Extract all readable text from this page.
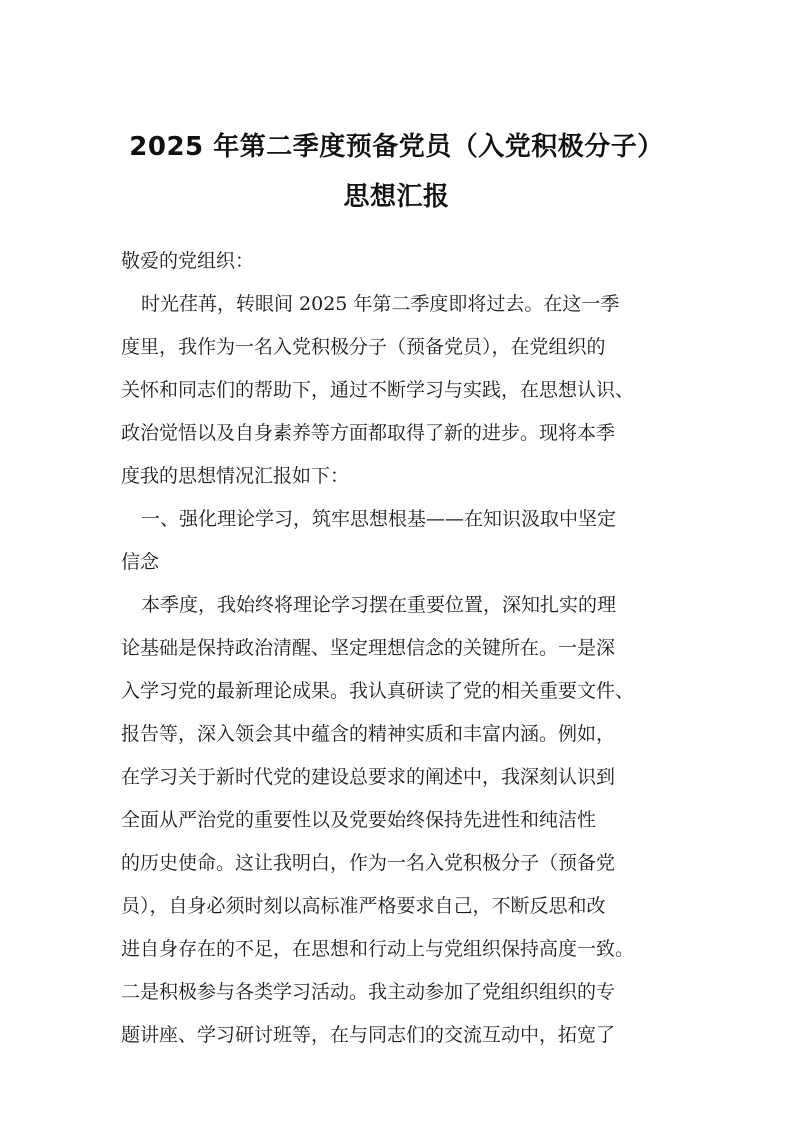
2025 年第二季度预备党员（入党积极分子）
思想汇报
敬爱的党组织：
时光荏苒，转眼间 2025 年第二季度即将过去。在这一季
度里，我作为一名入党积极分子（预备党员），在党组织的
关怀和同志们的帮助下，通过不断学习与实践，在思想认识、
政治觉悟以及自身素养等方面都取得了新的进步。现将本季
度我的思想情况汇报如下：
一、强化理论学习，筑牢思想根基——在知识汲取中坚定
信念
本季度，我始终将理论学习摆在重要位置，深知扎实的理
论基础是保持政治清醒、坚定理想信念的关键所在。一是深
入学习党的最新理论成果。我认真研读了党的相关重要文件、
报告等，深入领会其中蕴含的精神实质和丰富内涵。例如，
在学习关于新时代党的建设总要求的阐述中，我深刻认识到
全面从严治党的重要性以及党要始终保持先进性和纯洁性
的历史使命。这让我明白，作为一名入党积极分子（预备党
员），自身必须时刻以高标准严格要求自己，不断反思和改
进自身存在的不足，在思想和行动上与党组织保持高度一致。
二是积极参与各类学习活动。我主动参加了党组织组织的专
题讲座、学习研讨班等，在与同志们的交流互动中，拓宽了
